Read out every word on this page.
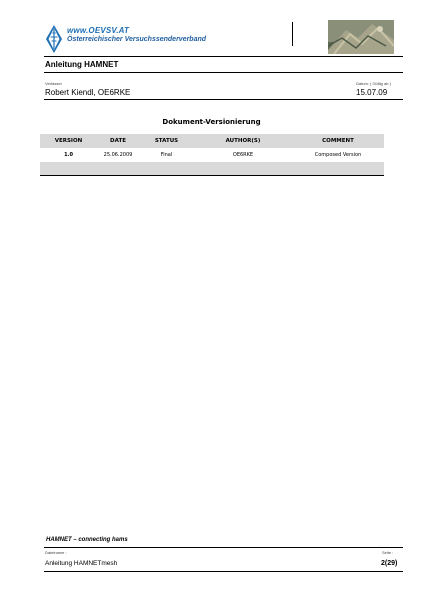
www.OEVSV.AT
Österreichischer Versuchssenderverband
Anleitung HAMNET
Verfasser
Robert Kiendl, OE6RKE
Datum: ( Gültig ab )
15.07.09
Dokument-Versionierung
VERSION	DATE	STATUS	AUTHOR(S)	COMMENT
1.0	25.06.2009	Final	OE6RKE	Composed Version

HAMNET – connecting hams
Dateiname :
Anleitung HAMNETmesh
Seite :
2(29)
